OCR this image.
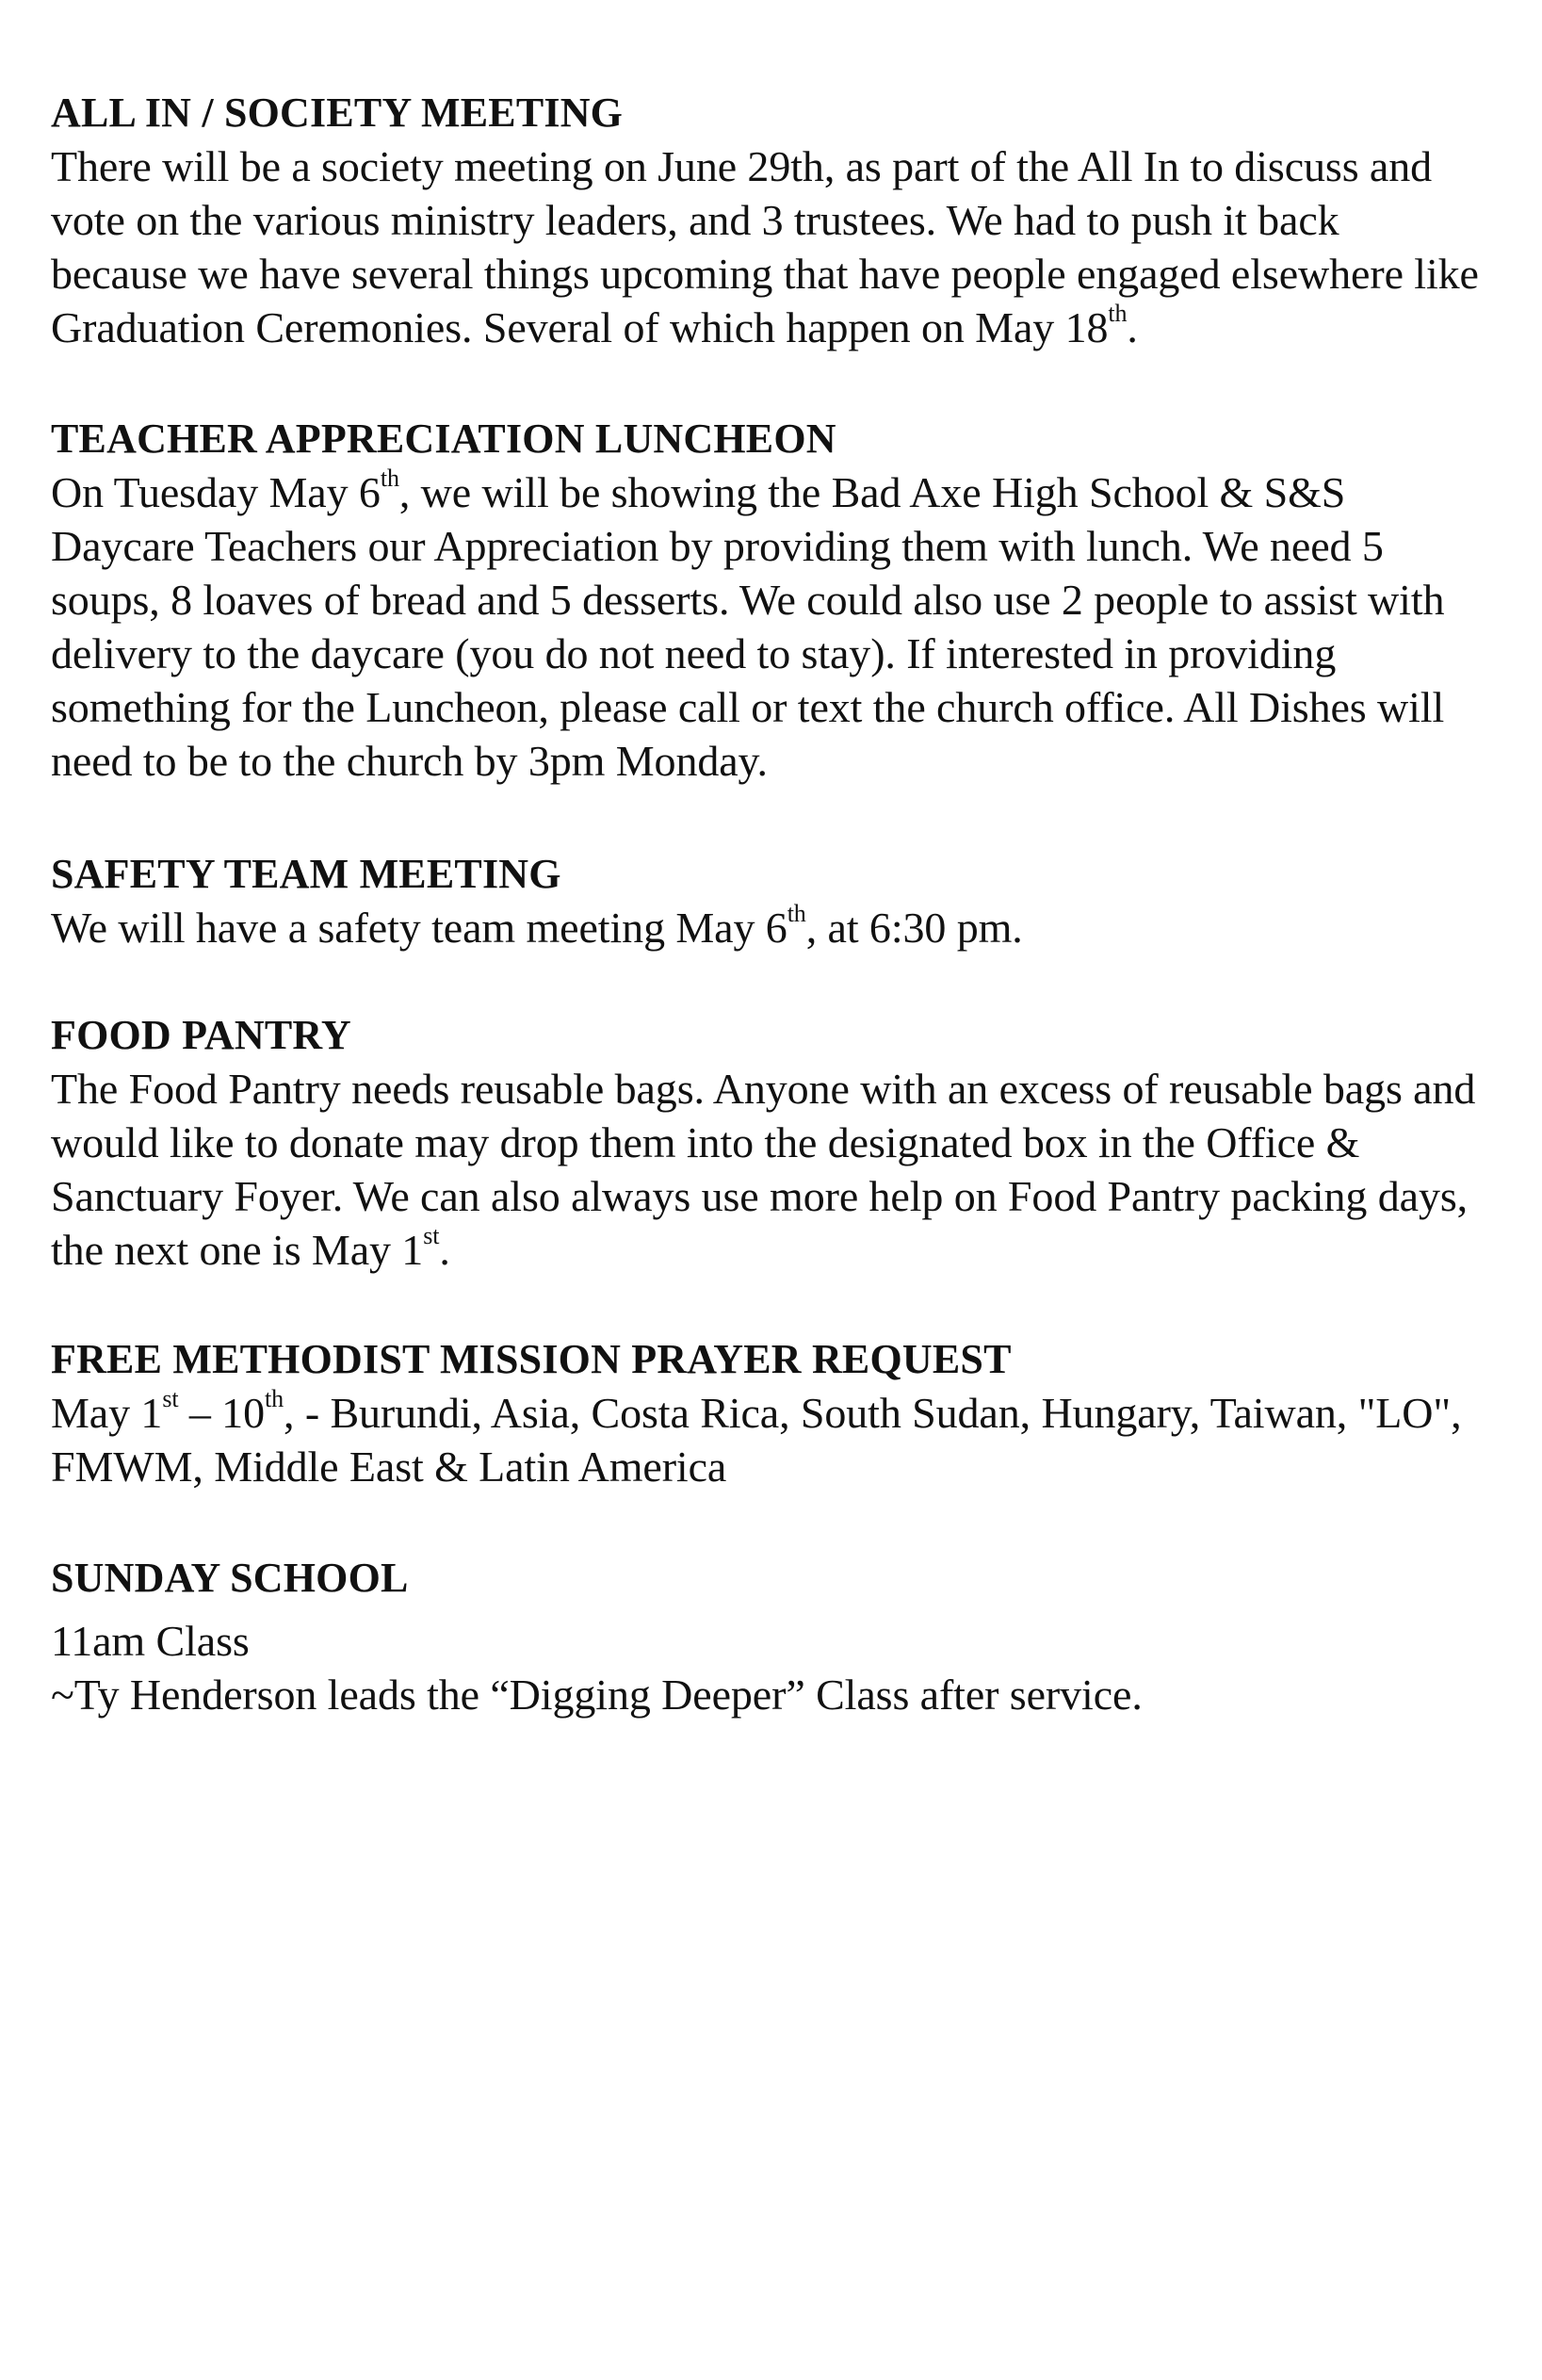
ALL IN / SOCIETY MEETING

There will be a society meeting on June 29th, as part of the All In to discuss and vote on the various ministry leaders, and 3 trustees. We had to push it back because we have several things upcoming that have people engaged elsewhere like Graduation Ceremonies. Several of which happen on May 18th.

TEACHER APPRECIATION LUNCHEON

On Tuesday May 6th, we will be showing the Bad Axe High School & S&S Daycare Teachers our Appreciation by providing them with lunch. We need 5 soups, 8 loaves of bread and 5 desserts. We could also use 2 people to assist with delivery to the daycare (you do not need to stay). If interested in providing something for the Luncheon, please call or text the church office. All Dishes will need to be to the church by 3pm Monday.

SAFETY TEAM MEETING

We will have a safety team meeting May 6th, at 6:30 pm.

FOOD PANTRY

The Food Pantry needs reusable bags. Anyone with an excess of reusable bags and would like to donate may drop them into the designated box in the Office & Sanctuary Foyer. We can also always use more help on Food Pantry packing days, the next one is May 1st.

FREE METHODIST MISSION PRAYER REQUEST

May 1st – 10th, - Burundi, Asia, Costa Rica, South Sudan, Hungary, Taiwan, "LO", FMWM, Middle East & Latin America

SUNDAY SCHOOL

11am Class

~Ty Henderson leads the “Digging Deeper” Class after service.
